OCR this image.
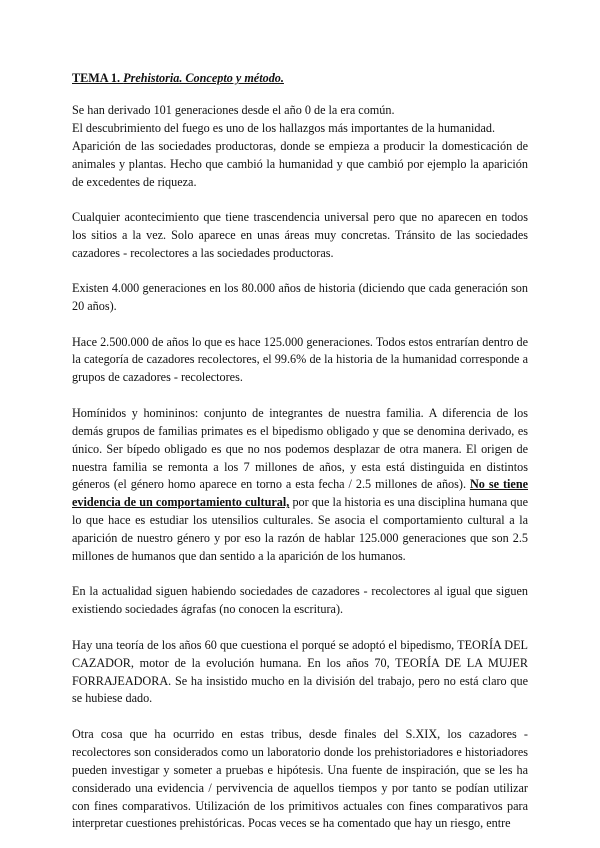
TEMA 1. Prehistoria. Concepto y método.

Se han derivado 101 generaciones desde el año 0 de la era común.

El descubrimiento del fuego es uno de los hallazgos más importantes de la humanidad.

Aparición de las sociedades productoras, donde se empieza a producir la domesticación de animales y plantas. Hecho que cambió la humanidad y que cambió por ejemplo la aparición de excedentes de riqueza.

Cualquier acontecimiento que tiene trascendencia universal pero que no aparecen en todos los sitios a la vez. Solo aparece en unas áreas muy concretas. Tránsito de las sociedades cazadores - recolectores a las sociedades productoras.

Existen 4.000 generaciones en los 80.000 años de historia (diciendo que cada generación son 20 años).

Hace 2.500.000 de años lo que es hace 125.000 generaciones. Todos estos entrarían dentro de la categoría de cazadores recolectores, el 99.6% de la historia de la humanidad corresponde a grupos de cazadores - recolectores.

Homínidos y homininos: conjunto de integrantes de nuestra familia. A diferencia de los demás grupos de familias primates es el bipedismo obligado y que se denomina derivado, es único. Ser bípedo obligado es que no nos podemos desplazar de otra manera. El origen de nuestra familia se remonta a los 7 millones de años, y esta está distinguida en distintos géneros (el género homo aparece en torno a esta fecha / 2.5 millones de años). No se tiene evidencia de un comportamiento cultural, por que la historia es una disciplina humana que lo que hace es estudiar los utensilios culturales. Se asocia el comportamiento cultural a la aparición de nuestro género y por eso la razón de hablar 125.000 generaciones que son 2.5 millones de humanos que dan sentido a la aparición de los humanos.

En la actualidad siguen habiendo sociedades de cazadores - recolectores al igual que siguen existiendo sociedades ágrafas (no conocen la escritura).

Hay una teoría de los años 60 que cuestiona el porqué se adoptó el bipedismo, TEORÍA DEL CAZADOR, motor de la evolución humana. En los años 70, TEORÍA DE LA MUJER FORRAJEADORA. Se ha insistido mucho en la división del trabajo, pero no está claro que se hubiese dado.

Otra cosa que ha ocurrido en estas tribus, desde finales del S.XIX, los cazadores - recolectores son considerados como un laboratorio donde los prehistoriadores e historiadores pueden investigar y someter a pruebas e hipótesis. Una fuente de inspiración, que se les ha considerado una evidencia / pervivencia de aquellos tiempos y por tanto se podían utilizar con fines comparativos. Utilización de los primitivos actuales con fines comparativos para interpretar cuestiones prehistóricas. Pocas veces se ha comentado que hay un riesgo, entre
